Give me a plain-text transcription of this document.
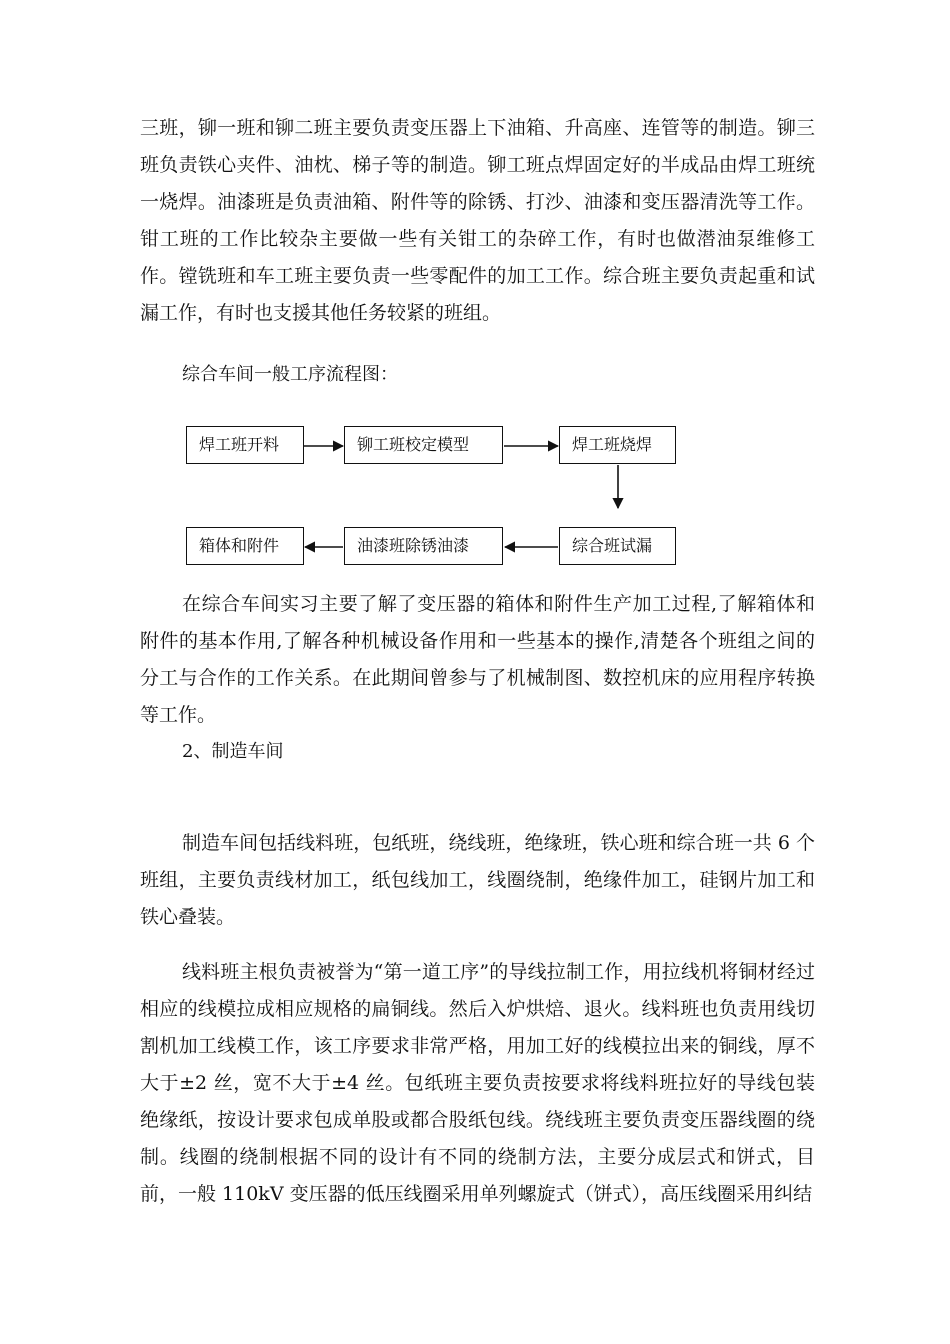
三班，铆一班和铆二班主要负责变压器上下油箱、升高座、连管等的制造。铆三班负责铁心夹件、油枕、梯子等的制造。铆工班点焊固定好的半成品由焊工班统一烧焊。油漆班是负责油箱、附件等的除锈、打沙、油漆和变压器清洗等工作。钳工班的工作比较杂主要做一些有关钳工的杂碎工作，有时也做潜油泵维修工作。镗铣班和车工班主要负责一些零配件的加工工作。综合班主要负责起重和试漏工作，有时也支援其他任务较紧的班组。

综合车间一般工序流程图：

焊工班开料	铆工班校定模型	焊工班烧焊
综合班试漏
油漆班除锈油漆
箱体和附件

在综合车间实习主要了解了变压器的箱体和附件生产加工过程,了解箱体和附件的基本作用,了解各种机械设备作用和一些基本的操作,清楚各个班组之间的分工与合作的工作关系。在此期间曾参与了机械制图、数控机床的应用程序转换等工作。

2、制造车间

制造车间包括线料班，包纸班，绕线班，绝缘班，铁心班和综合班一共 6 个班组，主要负责线材加工，纸包线加工，线圈绕制，绝缘件加工，硅钢片加工和铁心叠装。

线料班主根负责被誉为“第一道工序”的导线拉制工作，用拉线机将铜材经过相应的线模拉成相应规格的扁铜线。然后入炉烘焙、退火。线料班也负责用线切割机加工线模工作，该工序要求非常严格，用加工好的线模拉出来的铜线，厚不大于±2 丝，宽不大于±4 丝。包纸班主要负责按要求将线料班拉好的导线包装绝缘纸，按设计要求包成单股或都合股纸包线。绕线班主要负责变压器线圈的绕制。线圈的绕制根据不同的设计有不同的绕制方法，主要分成层式和饼式，目前，一般 110kV 变压器的低压线圈采用单列螺旋式（饼式），高压线圈采用纠结
